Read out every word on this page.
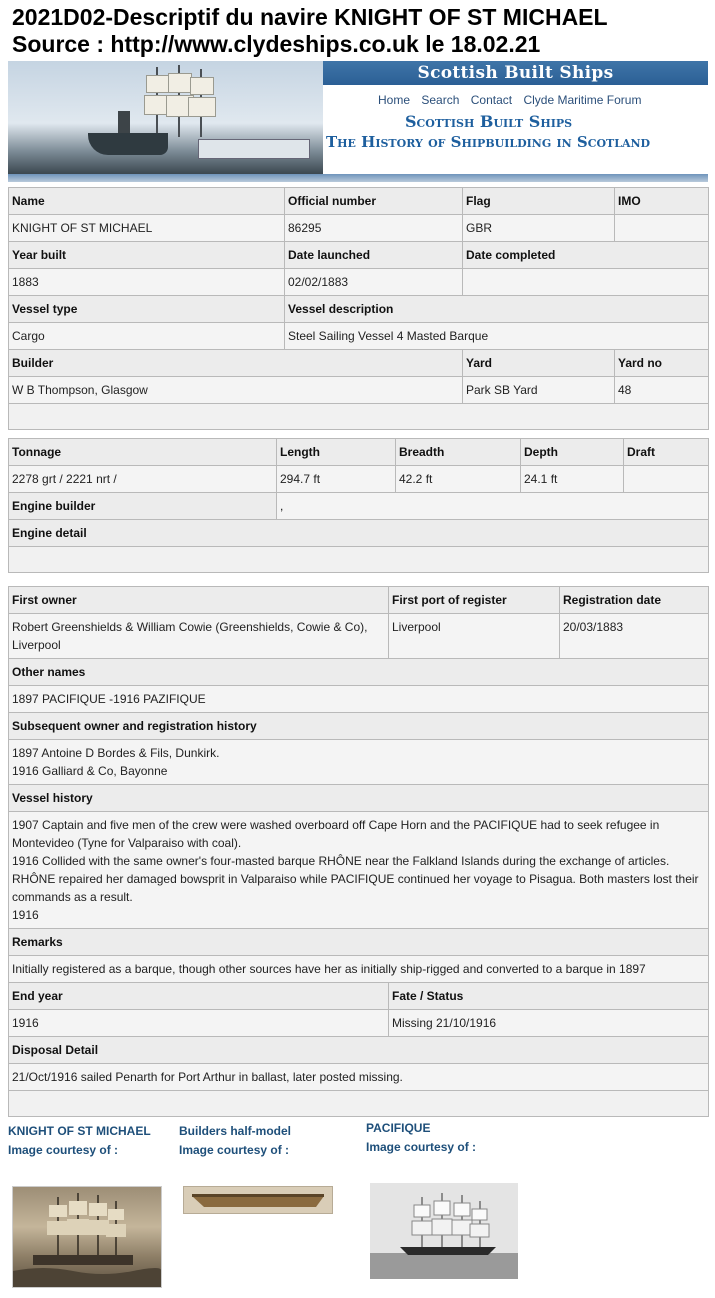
2021D02-Descriptif du navire KNIGHT OF ST MICHAEL
Source : http://www.clydeships.co.uk le 18.02.21
Scottish Built Ships
Home Search Contact Clyde Maritime Forum
Scottish Built Ships
The History of Shipbuilding in Scotland
Name	Official number	Flag	IMO
KNIGHT OF ST MICHAEL	86295	GBR	
Year built	Date launched	Date completed	
1883	02/02/1883		
Vessel type	Vessel description		
Cargo	Steel Sailing Vessel 4 Masted Barque		
Builder		Yard	Yard no
W B Thompson, Glasgow		Park SB Yard	48

Tonnage	Length	Breadth	Depth	Draft
2278 grt / 2221 nrt /	294.7 ft	42.2 ft	24.1 ft	
Engine builder	,			
Engine detail				

First owner	First port of register	Registration date
Robert Greenshields & William Cowie (Greenshields, Cowie & Co), Liverpool	Liverpool	20/03/1883
Other names		
1897 PACIFIQUE -1916 PAZIFIQUE		
Subsequent owner and registration history		

1897 Antoine D Bordes & Fils, Dunkirk.
1916 Galliard & Co, Bayonne		

Vessel history		

1907 Captain and five men of the crew were washed overboard off Cape Horn and the PACIFIQUE had to seek refugee in Montevideo (Tyne for Valparaiso with coal).
1916 Collided with the same owner's four-masted barque RHÔNE near the Falkland Islands during the exchange of articles. RHÔNE repaired her damaged bowsprit in Valparaiso while PACIFIQUE continued her voyage to Pisagua. Both masters lost their commands as a result.
1916		

Remarks		
Initially registered as a barque, though other sources have her as initially ship-rigged and converted to a barque in 1897		
End year	Fate / Status	
1916	Missing 21/10/1916	
Disposal Detail		
21/Oct/1916 sailed Penarth for Port Arthur in ballast, later posted missing.		

KNIGHT OF ST MICHAEL
Image courtesy of :
Builders half-model
Image courtesy of :
PACIFIQUE
Image courtesy of :
